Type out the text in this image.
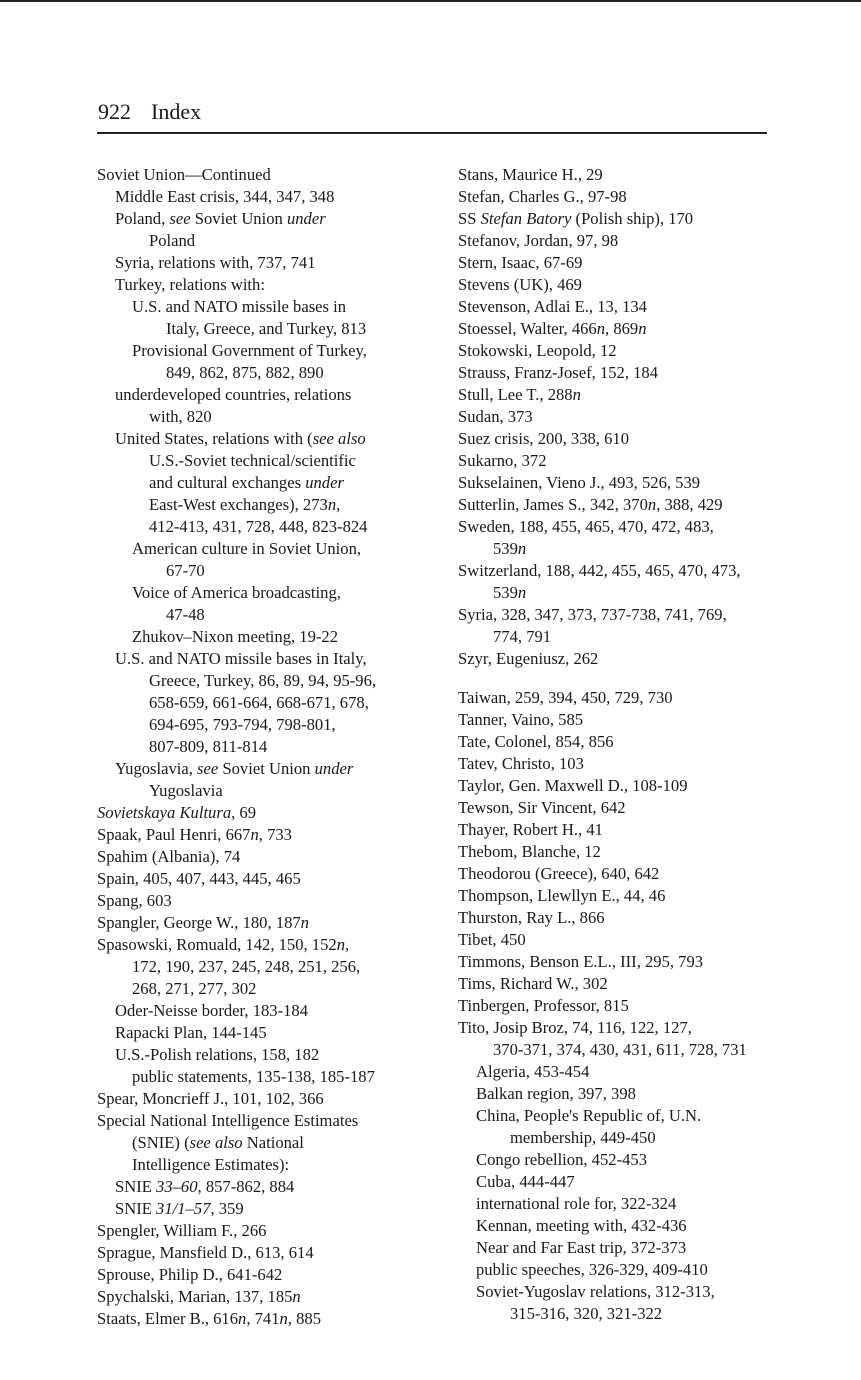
922 Index
Soviet Union—Continued
Middle East crisis, 344, 347, 348
Poland, see Soviet Union under
Poland
Syria, relations with, 737, 741
Turkey, relations with:
U.S. and NATO missile bases in
Italy, Greece, and Turkey, 813
Provisional Government of Turkey,
849, 862, 875, 882, 890
underdeveloped countries, relations
with, 820
United States, relations with (see also
U.S.-Soviet technical/scientific
and cultural exchanges under
East-West exchanges), 273n,
412-413, 431, 728, 448, 823-824
American culture in Soviet Union,
67-70
Voice of America broadcasting,
47-48
Zhukov–Nixon meeting, 19-22
U.S. and NATO missile bases in Italy,
Greece, Turkey, 86, 89, 94, 95-96,
658-659, 661-664, 668-671, 678,
694-695, 793-794, 798-801,
807-809, 811-814
Yugoslavia, see Soviet Union under
Yugoslavia
Sovietskaya Kultura, 69
Spaak, Paul Henri, 667n, 733
Spahim (Albania), 74
Spain, 405, 407, 443, 445, 465
Spang, 603
Spangler, George W., 180, 187n
Spasowski, Romuald, 142, 150, 152n,
172, 190, 237, 245, 248, 251, 256,
268, 271, 277, 302
Oder-Neisse border, 183-184
Rapacki Plan, 144-145
U.S.-Polish relations, 158, 182
public statements, 135-138, 185-187
Spear, Moncrieff J., 101, 102, 366
Special National Intelligence Estimates
(SNIE) (see also National
Intelligence Estimates):
SNIE 33–60, 857-862, 884
SNIE 31/1–57, 359
Spengler, William F., 266
Sprague, Mansfield D., 613, 614
Sprouse, Philip D., 641-642
Spychalski, Marian, 137, 185n
Staats, Elmer B., 616n, 741n, 885
Stans, Maurice H., 29
Stefan, Charles G., 97-98
SS Stefan Batory (Polish ship), 170
Stefanov, Jordan, 97, 98
Stern, Isaac, 67-69
Stevens (UK), 469
Stevenson, Adlai E., 13, 134
Stoessel, Walter, 466n, 869n
Stokowski, Leopold, 12
Strauss, Franz-Josef, 152, 184
Stull, Lee T., 288n
Sudan, 373
Suez crisis, 200, 338, 610
Sukarno, 372
Sukselainen, Vieno J., 493, 526, 539
Sutterlin, James S., 342, 370n, 388, 429
Sweden, 188, 455, 465, 470, 472, 483,
539n
Switzerland, 188, 442, 455, 465, 470, 473,
539n
Syria, 328, 347, 373, 737-738, 741, 769,
774, 791
Szyr, Eugeniusz, 262
Taiwan, 259, 394, 450, 729, 730
Tanner, Vaino, 585
Tate, Colonel, 854, 856
Tatev, Christo, 103
Taylor, Gen. Maxwell D., 108-109
Tewson, Sir Vincent, 642
Thayer, Robert H., 41
Thebom, Blanche, 12
Theodorou (Greece), 640, 642
Thompson, Llewllyn E., 44, 46
Thurston, Ray L., 866
Tibet, 450
Timmons, Benson E.L., III, 295, 793
Tims, Richard W., 302
Tinbergen, Professor, 815
Tito, Josip Broz, 74, 116, 122, 127,
370-371, 374, 430, 431, 611, 728, 731
Algeria, 453-454
Balkan region, 397, 398
China, People's Republic of, U.N.
membership, 449-450
Congo rebellion, 452-453
Cuba, 444-447
international role for, 322-324
Kennan, meeting with, 432-436
Near and Far East trip, 372-373
public speeches, 326-329, 409-410
Soviet-Yugoslav relations, 312-313,
315-316, 320, 321-322
